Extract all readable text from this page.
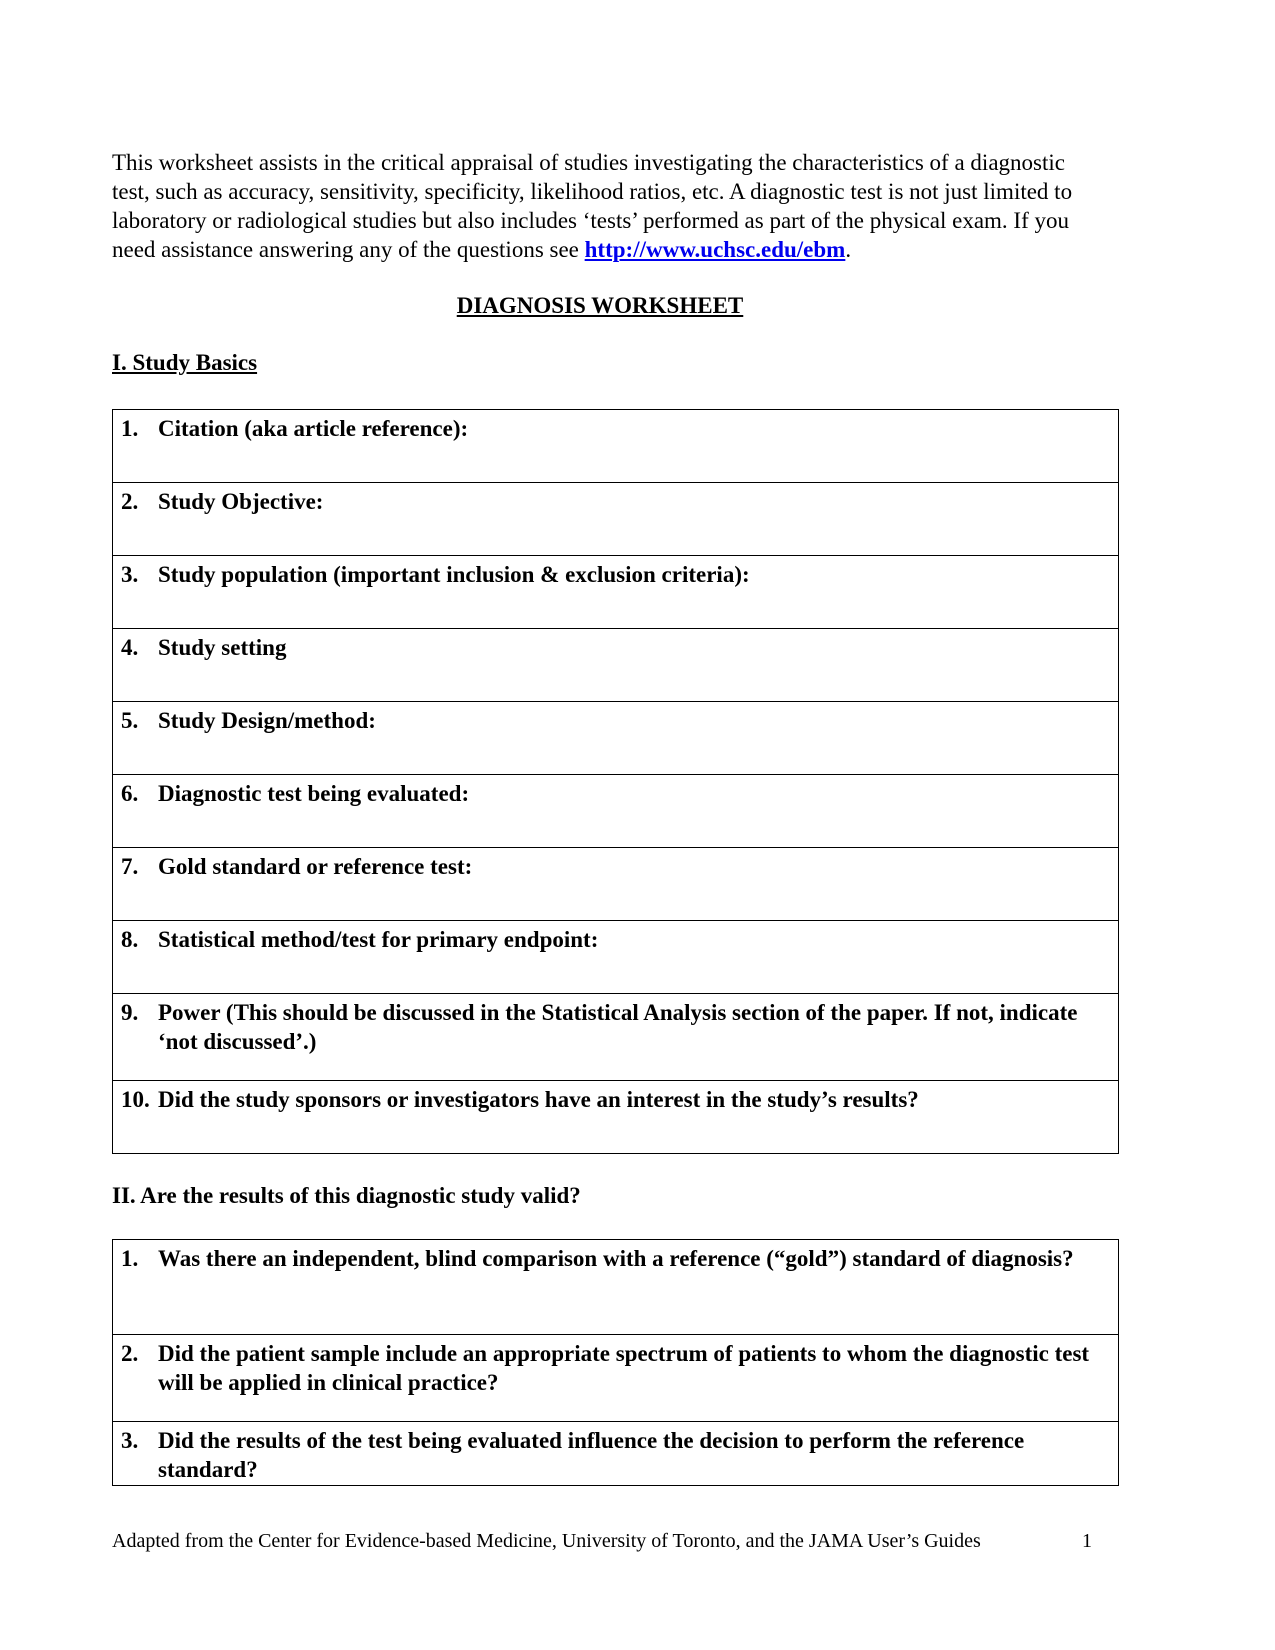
This worksheet assists in the critical appraisal of studies investigating the characteristics of a diagnostic test, such as accuracy, sensitivity, specificity, likelihood ratios, etc. A diagnostic test is not just limited to laboratory or radiological studies but also includes ‘tests’ performed as part of the physical exam. If you need assistance answering any of the questions see http://www.uchsc.edu/ebm.
DIAGNOSIS WORKSHEET
I. Study Basics
1. Citation (aka article reference):

2. Study Objective:

3. Study population (important inclusion & exclusion criteria):

4. Study setting

5. Study Design/method:

6. Diagnostic test being evaluated:

7. Gold standard or reference test:

8. Statistical method/test for primary endpoint:

9. Power (This should be discussed in the Statistical Analysis section of the paper. If not, indicate ‘not discussed’.)

10. Did the study sponsors or investigators have an interest in the study’s results?
II. Are the results of this diagnostic study valid?
1. Was there an independent, blind comparison with a reference (“gold”) standard of diagnosis?

2. Did the patient sample include an appropriate spectrum of patients to whom the diagnostic test will be applied in clinical practice?

3. Did the results of the test being evaluated influence the decision to perform the reference standard?
Adapted from the Center for Evidence-based Medicine, University of Toronto, and the JAMA User’s Guides	1
